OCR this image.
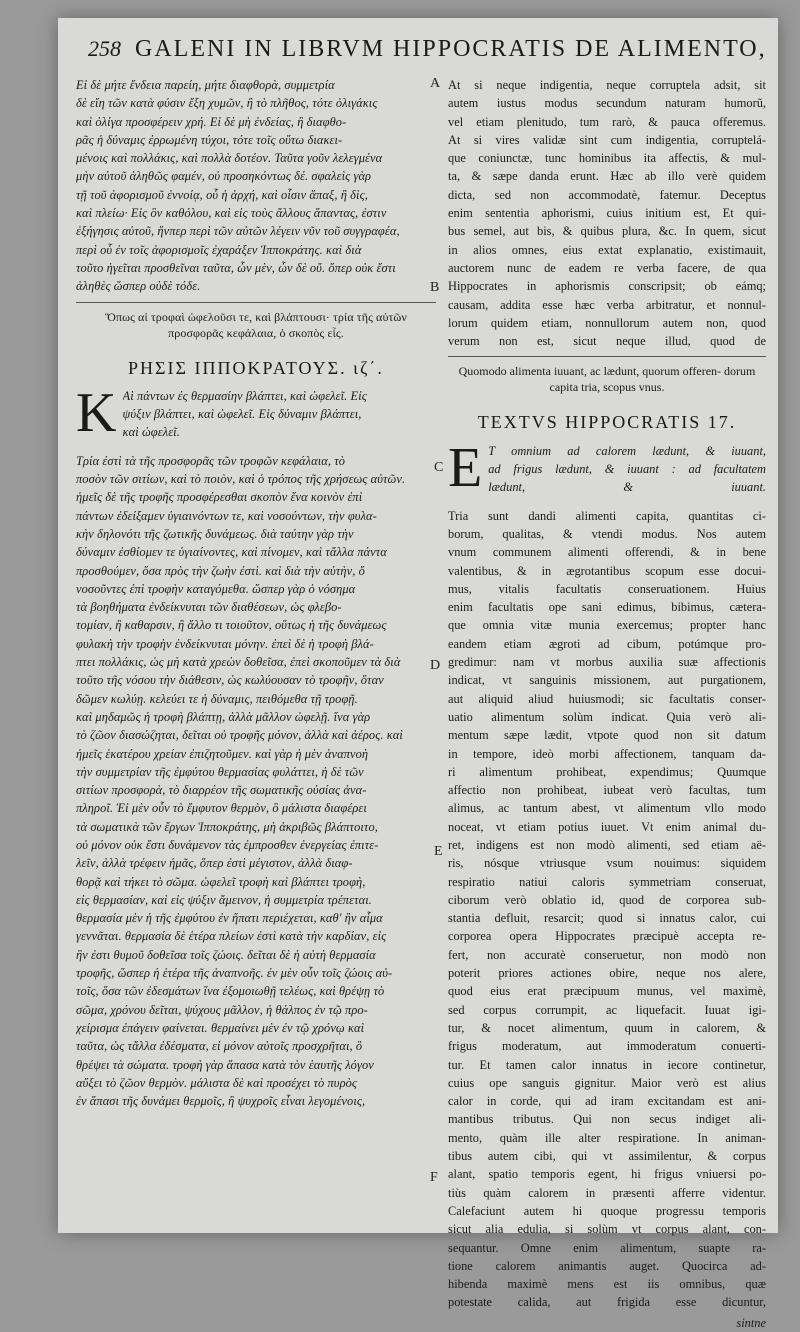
258 GALENI IN LIBRVM HIPPOCRATIS DE ALIMENTO,
Εἰ δὲ μήτε ἔνδεια παρείη, μήτε διαφθορὰ, συμμετρία
δὲ εἴη τῶν κατὰ φύσιν ἔξη χυμῶν, ἢ τὸ πλῆθος, τότε ὀλιγάκις
καὶ ὀλίγα προσφέρειν χρή. Εἰ δὲ μὴ ἐνδείας, ἢ διαφθο-
ρᾶς ἡ δύναμις ἐρρωμένη τύχοι, τότε τοῖς οὕτω διακει-
μένοις καὶ πολλάκις, καὶ πολλὰ δοτέον. Ταῦτα γοῦν λελεγμένα
μὴν αὐτοῦ ἀληθῶς φαμέν, οὐ προσηκόντως δέ. σφαλεὶς γὰρ
τῇ τοῦ ἀφορισμοῦ ἐννοίᾳ, οὗ ἡ ἀρχή, καὶ οἷσιν ἅπαξ, ἢ δὶς,
καὶ πλείω· Εἰς ὃν καθόλου, καὶ εἰς τοὺς ἄλλους ἅπαντας, ἐστιν
ἐξήγησις αὐτοῦ, ἥνπερ περὶ τῶν αὐτῶν λέγειν νῦν τοῦ συγγραφέα,
περὶ οὗ ἐν τοῖς ἀφορισμοῖς ἐχαράξεν Ἱπποκράτης. καὶ διὰ
τοῦτο ἡγεῖται προσθεῖναι ταῦτα, ὧν μὲν, ὧν δὲ οὔ. ὅπερ οὐκ ἔστι
ἀληθὲς ὥσπερ οὐδὲ τόδε.
Ὅπως αἱ τροφαὶ ὠφελοῦσι τε, καὶ βλάπτουσι· τρία τῆς αὐτῶν προσφορᾶς κεφάλαια, ὁ σκοπὸς εἷς.
ΡΗΣΙΣ ΙΠΠΟΚΡΑΤΟΥΣ. ιζ΄.
Κ Αὶ πάντων ἐς θερμασίην βλάπτει, καὶ ὠφελεῖ. Εἰς
ψύξιν βλάπτει, καὶ ὠφελεῖ. Εἰς δύναμιν βλάπτει,
καὶ ὠφελεῖ.
Τρία ἐστὶ τὰ τῆς προσφορᾶς τῶν τροφῶν κεφάλαια, τὸ
ποσὸν τῶν σιτίων, καὶ τὸ ποιὸν, καὶ ὁ τρόπος τῆς χρήσεως αὐτῶν.
ἡμεῖς δὲ τῆς τροφῆς προσφέρεσθαι σκοπὸν ἕνα κοινὸν ἐπὶ
πάντων ἐδείξαμεν ὑγιαινόντων τε, καὶ νοσούντων, τὴν φυλα-
κὴν δηλονότι τῆς ζωτικῆς δυνάμεως. διὰ ταύτην γὰρ τὴν
δύναμιν ἐσθίομεν τε ὑγιαίνοντες, καὶ πίνομεν, καὶ τἄλλα πάντα
προσθούμεν, ὅσα πρὸς τὴν ζωὴν ἐστὶ. καὶ διὰ τὴν αὐτὴν, ὅ
νοσοῦντες ἐπὶ τροφὴν καταγόμεθα. ὥσπερ γὰρ ὁ νόσημα
τὰ βοηθήματα ἐνδείκνυται τῶν διαθέσεων, ὡς φλεβο-
τομίαν, ἢ καθαρσιν, ἢ ἄλλο τι τοιοῦτον, οὕτως ἡ τῆς δυνάμεως
φυλακὴ τὴν τροφὴν ἐνδείκνυται μόνην. ἐπεὶ δὲ ἡ τροφὴ βλά-
πτει πολλάκις, ὡς μὴ κατὰ χρεὼν δοθεῖσα, ἐπεὶ σκοποῦμεν τὰ διὰ
τοῦτο τῆς νόσου τὴν διάθεσιν, ὡς κωλύουσαν τὸ τροφῆν, ὅταν
δῶμεν κωλύῃ. κελεύει τε ἡ δύναμις, πειθόμεθα τῇ τροφῇ.
καὶ μηδαμῶς ἡ τροφὴ βλάπτῃ, ἀλλὰ μᾶλλον ὠφελῇ. ἵνα γὰρ
τὸ ζῶον διασώζηται, δεῖται οὐ τροφῆς μόνον, ἀλλὰ καὶ ἀέρος. καὶ
ἡμεῖς ἑκατέρου χρείαν ἐπιζητοῦμεν. καὶ γὰρ ἡ μὲν ἀναπνοὴ
τὴν συμμετρίαν τῆς ἐμφύτου θερμασίας φυλάττει, ἡ δὲ τῶν
σιτίων προσφορὰ, τὸ διαρρέον τῆς σωματικῆς οὐσίας ἀνα-
πληροῖ. Ἐἰ μὲν οὖν τὸ ἔμφυτον θερμὸν, ὃ μάλιστα διαφέρει
τὰ σωματικὰ τῶν ἔργων Ἱπποκράτης, μὴ ἀκριβῶς βλάπτοιτο,
οὐ μόνον οὐκ ἔστι δυνάμενον τὰς ἐμπροσθεν ἐνεργείας ἐπιτε-
λεῖν, ἀλλὰ τρέφειν ἡμᾶς, ὅπερ ἐστὶ μέγιστον, ἀλλὰ διαφ-
θορᾷ καὶ τήκει τὸ σῶμα. ὠφελεῖ τροφὴ καὶ βλάπτει τροφὴ,
εἰς θερμασίαν, καὶ εἰς ψύξιν ἄμεινον, ἡ συμμετρία τρέπεται.
θερμασία μὲν ἡ τῆς ἐμφύτου ἐν ἥπατι περιέχεται, καθ' ἣν αἷμα
γεννᾶται. θερμασία δὲ ἑτέρα πλείων ἐστὶ κατὰ τὴν καρδίαν, εἰς
ἣν ἐστι θυμοῦ δοθεῖσα τοῖς ζώοις. δεῖται δὲ ἡ αὐτὴ θερμασία
τροφῆς, ὥσπερ ἡ ἑτέρα τῆς ἀναπνοῆς. ἐν μὲν οὖν τοῖς ζώοις αὐ-
τοῖς, ὅσα τῶν ἐδεσμάτων ἵνα ἐξομοιωθῇ τελέως, καὶ θρέψῃ τὸ
σῶμα, χρόνου δεῖται, ψύχους μᾶλλον, ἡ θάλπος ἐν τῷ προ-
χείρισμα ἐπάγειν φαίνεται. θερμαίνει μὲν ἐν τῷ χρόνῳ καὶ
ταῦτα, ὡς τἄλλα ἐδέσματα, εἰ μόνον αὐτοῖς προσχρῆται, ὃ
θρέψει τὰ σώματα. τροφὴ γὰρ ἅπασα κατὰ τὸν ἑαυτῆς λόγον
αὔξει τὸ ζῶον θερμὸν. μάλιστα δὲ καὶ προσέχει τὸ πυρὸς
ἐν ἅπασι τῆς δυνάμει θερμοῖς, ἢ ψυχροῖς εἶναι λεγομένοις,
At si neque indigentia, neque corruptela adsit, sit
autem iustus modus secundum naturam humorũ,
vel etiam plenitudo, tum rarò, & pauca offeremus.
At si vires validæ sint cum indigentia, corruptelá-
que coniunctæ, tunc hominibus ita affectis, & mul-
ta, & sæpe danda erunt. Hæc ab illo verè quidem
dicta, sed non accommodatè, fatemur. Deceptus
enim sententia aphorismi, cuius initium est, Et qui-
bus semel, aut bis, & quibus plura, &c. In quem, sicut
in alios omnes, eius extat explanatio, existimauit,
auctorem nunc de eadem re verba facere, de qua
Hippocrates in aphorismis conscripsit; ob eámq;
causam, addita esse hæc verba arbitratur, et nonnul-
lorum quidem etiam, nonnullorum autem non, quod
verum non est, sicut neque illud, quod de
Quomodo alimenta iuuant, ac lædunt, quorum offeren- dorum capita tria, scopus vnus.
TEXTVS HIPPOCRATIS 17.
E T omnium ad calorem lædunt, & iuuant,
ad frigus lædunt, & iuuant : ad facultatem
lædunt, & iuuant.
Tria sunt dandi alimenti capita, quantitas ci-
borum, qualitas, & vtendi modus. Nos autem
vnum communem alimenti offerendi, & in bene
valentibus, & in ægrotantibus scopum esse docui-
mus, vitalis facultatis conseruationem. Huius
enim facultatis ope sani edimus, bibimus, cætera-
que omnia vitæ munia exercemus; propter hanc
eandem etiam ægroti ad cibum, potúmque pro-
gredimur: nam vt morbus auxilia suæ affectionis
indicat, vt sanguinis missionem, aut purgationem,
aut aliquid aliud huiusmodi; sic facultatis conser-
uatio alimentum solùm indicat. Quia verò ali-
mentum sæpe lædit, vtpote quod non sit datum
in tempore, ideò morbi affectionem, tanquam da-
ri alimentum prohibeat, expendimus; Quumque
affectio non prohibeat, iubeat verò facultas, tum
alimus, ac tantum abest, vt alimentum vllo modo
noceat, vt etiam potius iuuet. Vt enim animal du-
ret, indigens est non modò alimenti, sed etiam aë-
ris, nósque vtriusque vsum nouimus: siquidem
respiratio natiui caloris symmetriam conseruat,
ciborum verò oblatio id, quod de corporea sub-
stantia defluit, resarcit; quod si innatus calor, cui
corporea opera Hippocrates præcipuè accepta re-
fert, non accuratè conseruetur, non modò non
poterit priores actiones obire, neque nos alere,
quod eius erat præcipuum munus, vel maximè,
sed corpus corrumpit, ac liquefacit. Iuuat igi-
tur, & nocet alimentum, quum in calorem, &
frigus moderatum, aut immoderatum conuerti-
tur. Et tamen calor innatus in iecore continetur,
cuius ope sanguis gignitur. Maior verò est alius
calor in corde, qui ad iram excitandam est ani-
mantibus tributus. Qui non secus indiget ali-
mento, quàm ille alter respiratione. In animan-
tibus autem cibi, qui vt assimilentur, & corpus
alant, spatio temporis egent, hi frigus vniuersi po-
tiùs quàm calorem in præsenti afferre videntur.
Calefaciunt autem hi quoque progressu temporis
sicut alia edulia, si solùm vt corpus alant, con-
sequantur. Omne enim alimentum, suapte ra-
tione calorem animantis auget. Quocirca ad-
hibenda maximè mens est iis omnibus, quæ
potestate calida, aut frigida esse dicuntur,
sintne
A
B
C
D
E
F
